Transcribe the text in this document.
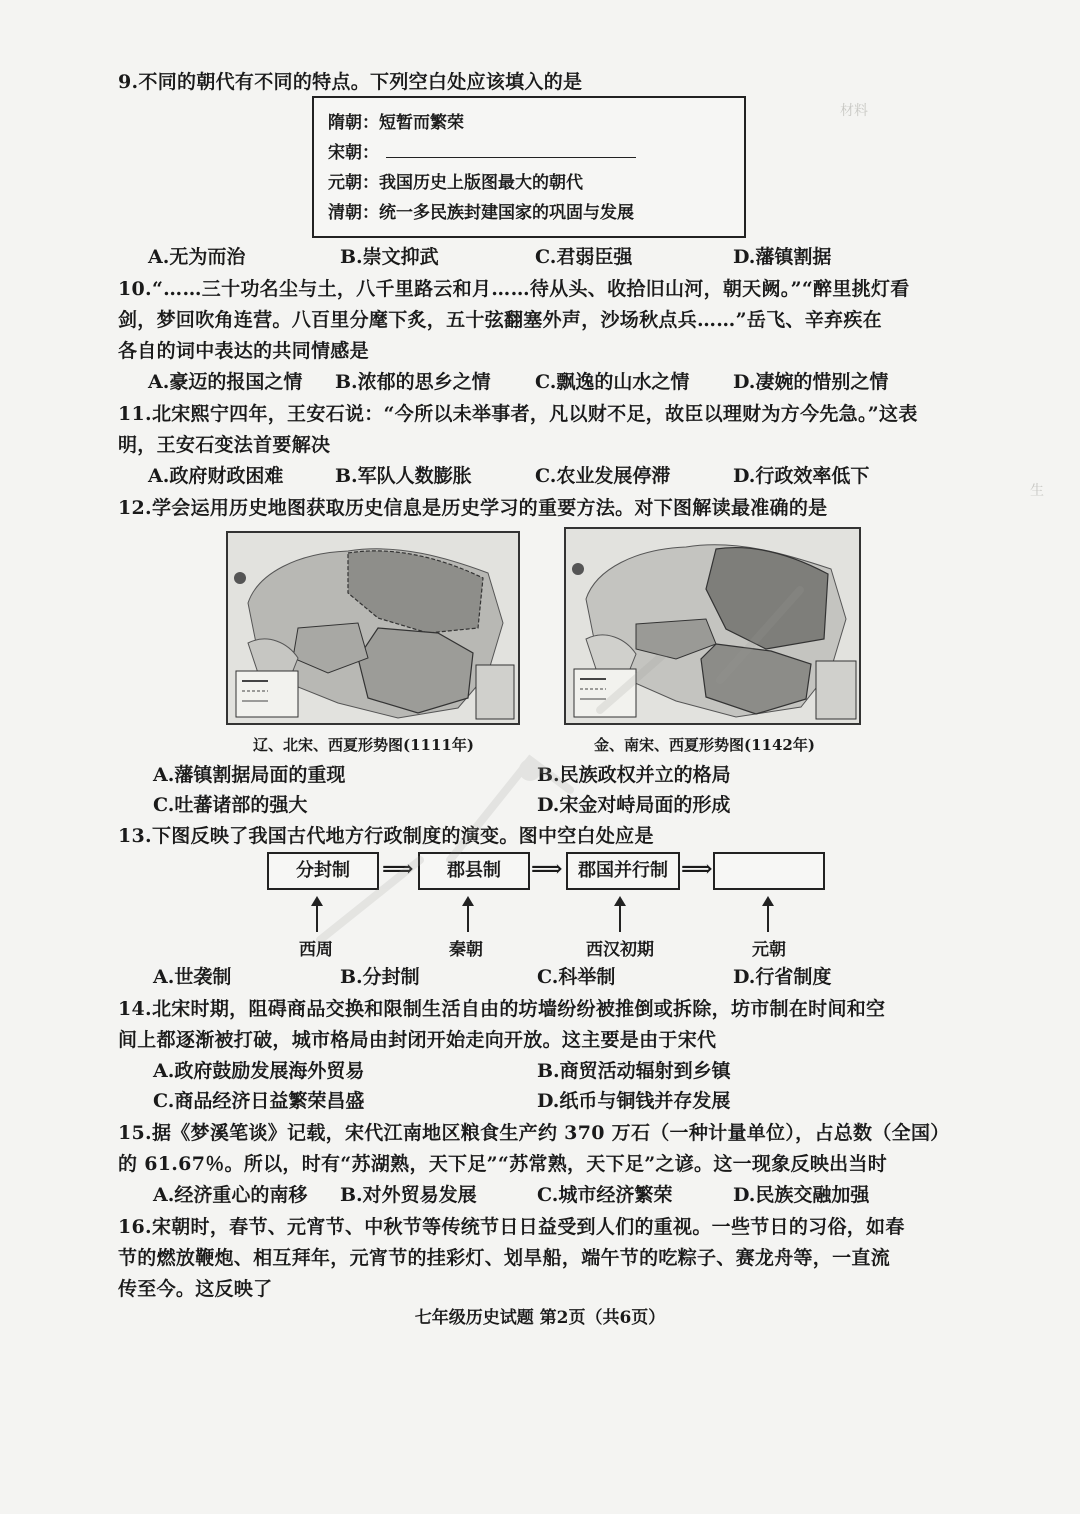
材料
生
9.不同的朝代有不同的特点。下列空白处应该填入的是
隋朝：短暂而繁荣
宋朝：
元朝：我国历史上版图最大的朝代
清朝：统一多民族封建国家的巩固与发展
A.无为而治	B.崇文抑武	C.君弱臣强	D.藩镇割据
10.“……三十功名尘与土，八千里路云和月……待从头、收拾旧山河，朝天阙。”“醉里挑灯看
剑，梦回吹角连营。八百里分麾下炙，五十弦翻塞外声，沙场秋点兵……”岳飞、辛弃疾在
各自的词中表达的共同情感是
A.豪迈的报国之情 B.浓郁的思乡之情 C.飘逸的山水之情 D.凄婉的惜别之情
11.北宋熙宁四年，王安石说：“今所以未举事者，凡以财不足，故臣以理财为方今先急。”这表
明，王安石变法首要解决
A.政府财政困难	B.军队人数膨胀	C.农业发展停滞	D.行政效率低下
12.学会运用历史地图获取历史信息是历史学习的重要方法。对下图解读最准确的是
辽、北宋、西夏形势图(1111年)	金、南宋、西夏形势图(1142年)
A.藩镇割据局面的重现	B.民族政权并立的格局
C.吐蕃诸部的强大	D.宋金对峙局面的形成
13.下图反映了我国古代地方行政制度的演变。图中空白处应是
分封制	⟹	郡县制	⟹ 郡国并行制 ⟹
西周	秦朝	西汉初期	元朝
A.世袭制	B.分封制	C.科举制	D.行省制度
14.北宋时期，阻碍商品交换和限制生活自由的坊墙纷纷被推倒或拆除，坊市制在时间和空
间上都逐渐被打破，城市格局由封闭开始走向开放。这主要是由于宋代
A.政府鼓励发展海外贸易	B.商贸活动辐射到乡镇
C.商品经济日益繁荣昌盛	D.纸币与铜钱并存发展
15.据《梦溪笔谈》记载，宋代江南地区粮食生产约 370 万石（一种计量单位），占总数（全国）
的 61.67％。所以，时有“苏湖熟，天下足”“苏常熟，天下足”之谚。这一现象反映出当时
A.经济重心的南移 B.对外贸易发展	C.城市经济繁荣	D.民族交融加强
16.宋朝时，春节、元宵节、中秋节等传统节日日益受到人们的重视。一些节日的习俗，如春
节的燃放鞭炮、相互拜年，元宵节的挂彩灯、划旱船，端午节的吃粽子、赛龙舟等，一直流
传至今。这反映了
七年级历史试题 第2页（共6页）
